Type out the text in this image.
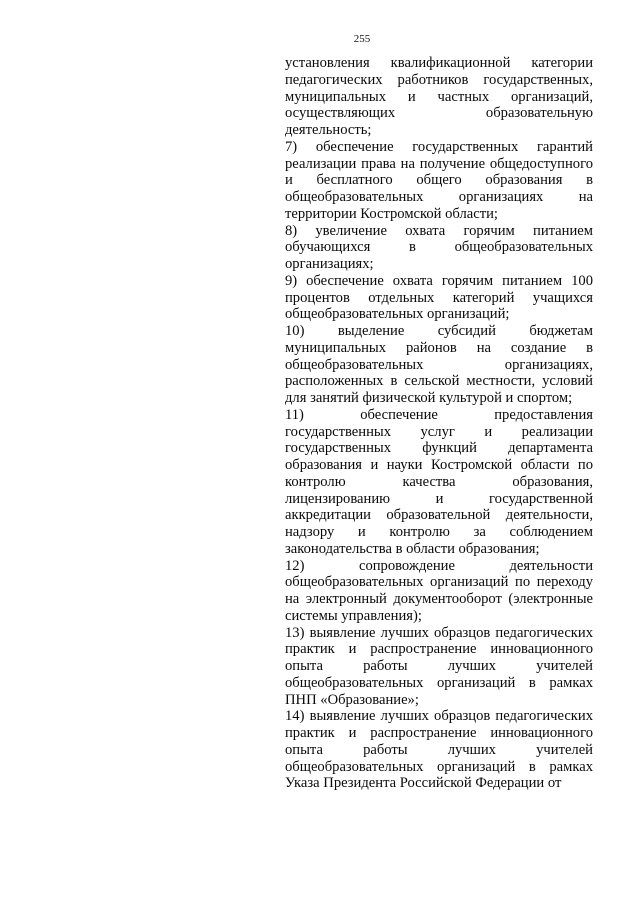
255

установления квалификационной категории педагогических работников государственных, муниципальных и частных организаций, осуществляющих образовательную деятельность;

7) обеспечение государственных гарантий реализации права на получение общедоступного и бесплатного общего образования в общеобразовательных организациях на территории Костромской области;

8) увеличение охвата горячим питанием обучающихся в общеобразовательных организациях;

9) обеспечение охвата горячим питанием 100 процентов отдельных категорий учащихся общеобразовательных организаций;

10) выделение субсидий бюджетам муниципальных районов на создание в общеобразовательных организациях, расположенных в сельской местности, условий для занятий физической культурой и спортом;

11) обеспечение предоставления государственных услуг и реализации государственных функций департамента образования и науки Костромской области по контролю качества образования, лицензированию и государственной аккредитации образовательной деятельности, надзору и контролю за соблюдением законодательства в области образования;

12) сопровождение деятельности общеобразовательных организаций по переходу на электронный документооборот (электронные системы управления);

13) выявление лучших образцов педагогических практик и распространение инновационного опыта работы лучших учителей общеобразовательных организаций в рамках ПНП «Образование»;

14) выявление лучших образцов педагогических практик и распространение инновационного опыта работы лучших учителей общеобразовательных организаций в рамках Указа Президента Российской Федерации от
